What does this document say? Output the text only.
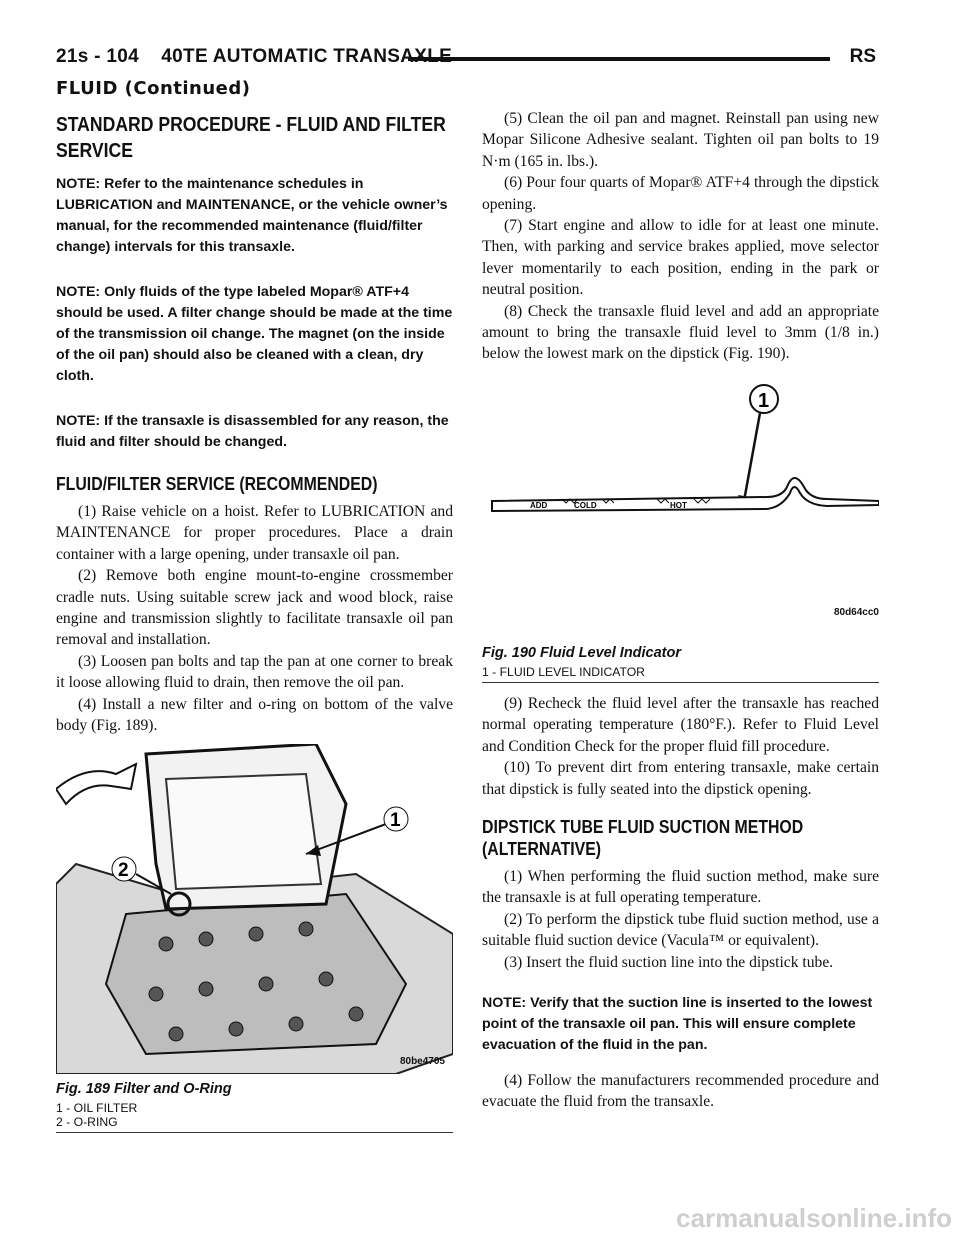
21s - 104    40TE AUTOMATIC TRANSAXLE	RS
FLUID (Continued)
STANDARD PROCEDURE - FLUID AND FILTER SERVICE
NOTE: Refer to the maintenance schedules in LUBRICATION and MAINTENANCE, or the vehicle owner’s manual, for the recommended maintenance (fluid/filter change) intervals for this transaxle.
NOTE: Only fluids of the type labeled Mopar® ATF+4 should be used. A filter change should be made at the time of the transmission oil change. The magnet (on the inside of the oil pan) should also be cleaned with a clean, dry cloth.
NOTE: If the transaxle is disassembled for any reason, the fluid and filter should be changed.
FLUID/FILTER SERVICE (RECOMMENDED)

(1) Raise vehicle on a hoist. Refer to LUBRICATION and MAINTENANCE for proper procedures. Place a drain container with a large opening, under transaxle oil pan.

(2) Remove both engine mount-to-engine crossmember cradle nuts. Using suitable screw jack and wood block, raise engine and transmission slightly to facilitate transaxle oil pan removal and installation.

(3) Loosen pan bolts and tap the pan at one corner to break it loose allowing fluid to drain, then remove the oil pan.

(4) Install a new filter and o-ring on bottom of the valve body (Fig. 189).

1
2
80be4705
Fig. 189 Filter and O-Ring
1 - OIL FILTER
2 - O-RING

(5) Clean the oil pan and magnet. Reinstall pan using new Mopar Silicone Adhesive sealant. Tighten oil pan bolts to 19 N·m (165 in. lbs.).

(6) Pour four quarts of Mopar® ATF+4 through the dipstick opening.

(7) Start engine and allow to idle for at least one minute. Then, with parking and service brakes applied, move selector lever momentarily to each position, ending in the park or neutral position.

(8) Check the transaxle fluid level and add an appropriate amount to bring the transaxle fluid level to 3mm (1/8 in.) below the lowest mark on the dipstick (Fig. 190).

1
ADD	COLD	HOT
80d64cc0
Fig. 190 Fluid Level Indicator
1 - FLUID LEVEL INDICATOR

(9) Recheck the fluid level after the transaxle has reached normal operating temperature (180°F.). Refer to Fluid Level and Condition Check for the proper fluid fill procedure.

(10) To prevent dirt from entering transaxle, make certain that dipstick is fully seated into the dipstick opening.

DIPSTICK TUBE FLUID SUCTION METHOD (ALTERNATIVE)

(1) When performing the fluid suction method, make sure the transaxle is at full operating temperature.

(2) To perform the dipstick tube fluid suction method, use a suitable fluid suction device (Vacula™ or equivalent).

(3) Insert the fluid suction line into the dipstick tube.

NOTE: Verify that the suction line is inserted to the lowest point of the transaxle oil pan. This will ensure complete evacuation of the fluid in the pan.

(4) Follow the manufacturers recommended procedure and evacuate the fluid from the transaxle.

carmanualsonline.info
